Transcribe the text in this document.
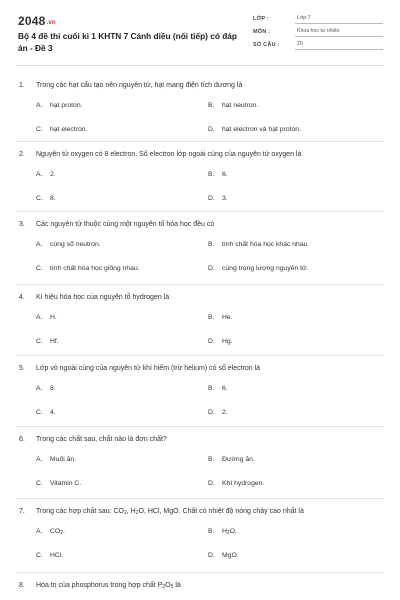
2048.vn
Bộ 4 đề thi cuối kì 1 KHTN 7 Cánh diều (nối tiếp) có đáp án - Đề 3
LỚP :	Lớp 7
MÔN :	Khoa học tự nhiên
SỐ CÂU :	20
1. Trong các hạt cấu tạo nên nguyên tử, hạt mang điện tích dương là
A. hạt proton.	B. hạt neutron.
C. hạt electron.	D. hạt electron và hạt proton.
2. Nguyên tử oxygen có 8 electron. Số electron lớp ngoài cùng của nguyên tử oxygen là
A. 2.	B. 6.
C. 8.	D. 3.
3. Các nguyên tử thuộc cùng một nguyên tố hóa học đều có
A. cùng số neutron.	B. tính chất hóa học khác nhau.
C. tính chất hóa học giống nhau.	D. cùng trọng lượng nguyên tử.
4. Kí hiệu hóa học của nguyên tố hydrogen là
A. H.	B. He.
C. Hf.	D. Hg.
5. Lớp vỏ ngoài cùng của nguyên tử khí hiếm (trừ helium) có số electron là
A. 8.	B. 6.
C. 4.	D. 2.
6. Trong các chất sau, chất nào là đơn chất?
A. Muối ăn.	B. Đường ăn.
C. Vitamin C.	D. Khí hydrogen.
7. Trong các hợp chất sau: $CO_2$, $H_2O$, HCl, MgO. Chất có nhiệt độ nóng chảy cao nhất là
A. $CO_2$.	B. $H_2O$.
C. HCl.	D. MgO.
8. Hóa trị của phosphorus trong hợp chất $P_2O_5$ là
